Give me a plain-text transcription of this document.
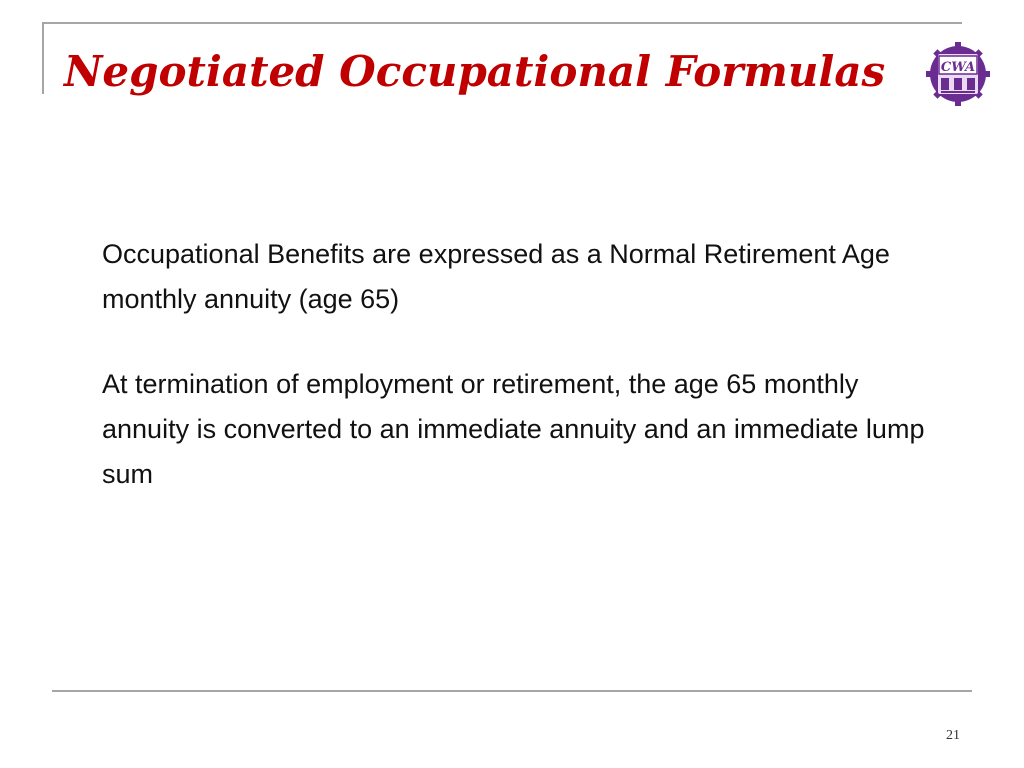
Negotiated Occupational Formulas	CWA

Occupational Benefits are expressed as a Normal Retirement Age monthly annuity (age 65)

At termination of employment or retirement, the age 65 monthly annuity is converted to an immediate annuity and an immediate lump sum

21
